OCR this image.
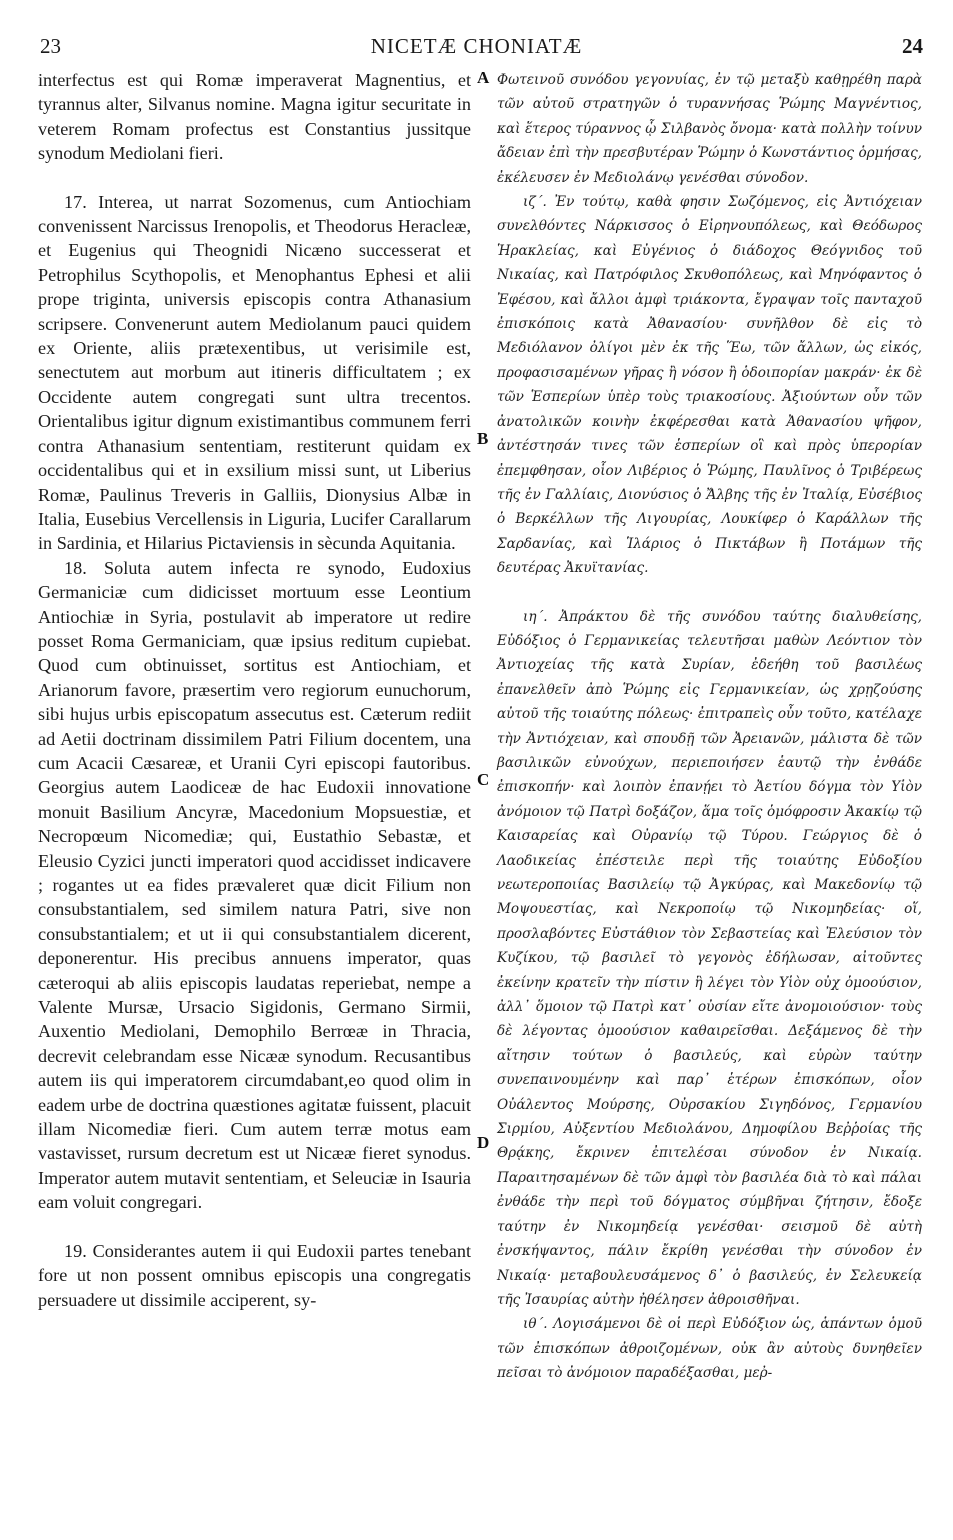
NICETÆ CHONIATÆ
23	24

interfectus est qui Romæ imperaverat Magnentius, et tyrannus alter, Silvanus nomine. Magna igitur securitate in veterem Romam profectus est Constantius jussitque synodum Mediolani fieri.

17. Interea, ut narrat Sozomenus, cum Antiochiam convenissent Narcissus Irenopolis, et Theodorus Heracleæ, et Eugenius qui Theognidi Nicæno successerat et Petrophilus Scythopolis, et Menophantus Ephesi et alii prope triginta, universis episcopis contra Athanasium scripsere. Convenerunt autem Mediolanum pauci quidem ex Oriente, aliis prætexentibus, ut verisimile est, senectutem aut morbum aut itineris difficultatem ; ex Occidente autem congregati sunt ultra trecentos. Orientalibus igitur dignum existimantibus communem ferri contra Athanasium sententiam, restiterunt quidam ex occidentalibus qui et in exsilium missi sunt, ut Liberius Romæ, Paulinus Treveris in Galliis, Dionysius Albæ in Italia, Eusebius Vercellensis in Liguria, Lucifer Carallarum in Sardinia, et Hilarius Pictaviensis in sècunda Aquitania.

18. Soluta autem infecta re synodo, Eudoxius Germaniciæ cum didicisset mortuum esse Leontium Antiochiæ in Syria, postulavit ab imperatore ut redire posset Roma Germaniciam, quæ ipsius reditum cupiebat. Quod cum obtinuisset, sortitus est Antiochiam, et Arianorum favore, præsertim vero regiorum eunuchorum, sibi hujus urbis episcopatum assecutus est. Cæterum rediit ad Aetii doctrinam dissimilem Patri Filium docentem, una cum Acacii Cæsareæ, et Uranii Cyri episcopi fautoribus. Georgius autem Laodiceæ de hac Eudoxii innovatione monuit Basilium Ancyræ, Macedonium Mopsuestiæ, et Necropœum Nicomediæ; qui, Eustathio Sebastæ, et Eleusio Cyzici juncti imperatori quod accidisset indicavere ; rogantes ut ea fides prævaleret quæ dicit Filium non consubstantialem, sed similem natura Patri, sive non consubstantialem; et ut ii qui consubstantialem dicerent, deponerentur. His precibus annuens imperator, quas cæteroqui ab aliis episcopis laudatas reperiebat, nempe a Valente Mursæ, Ursacio Sigidonis, Germano Sirmii, Auxentio Mediolani, Demophilo Berrœæ in Thracia, decrevit celebrandam esse Nicææ synodum. Recusantibus autem iis qui imperatorem circumdabant,eo quod olim in eadem urbe de doctrina quæstiones agitatæ fuissent, placuit illam Nicomediæ fieri. Cum autem terræ motus eam vastavisset, rursum decretum est ut Nicææ fieret synodus. Imperator autem mutavit sententiam, et Seleuciæ in Isauria eam voluit congregari.

19. Considerantes autem ii qui Eudoxii partes tenebant fore ut non possent omnibus episcopis una congregatis persuadere ut dissimile acciperent, sy-

A
B
C
D

Φωτεινοῦ συνόδου γεγονυίας, ἐν τῷ μεταξὺ καθῃρέθη παρὰ τῶν αὐτοῦ στρατηγῶν ὁ τυραννήσας Ῥώμης Μαγνέντιος, καὶ ἕτερος τύραννος ᾧ Σιλβανὸς ὄνομα· κατὰ πολλὴν τοίνυν ἄδειαν ἐπὶ τὴν πρεσβυτέραν Ῥώμην ὁ Κωνστάντιος ὁρμήσας, ἐκέλευσεν ἐν Μεδιολάνῳ γενέσθαι σύνοδον.

ιζ΄. Ἐν τούτῳ, καθὰ φησιν Σωζόμενος, εἰς Ἀντιόχειαν συνελθόντες Νάρκισσος ὁ Εἰρηνουπόλεως, καὶ Θεόδωρος Ἡρακλείας, καὶ Εὐγένιος ὁ διάδοχος Θεόγνιδος τοῦ Νικαίας, καὶ Πατρόφιλος Σκυθοπόλεως, καὶ Μηνόφαντος ὁ Ἐφέσου, καὶ ἄλλοι ἀμφὶ τριάκοντα, ἔγραψαν τοῖς πανταχοῦ ἐπισκόποις κατὰ Ἀθανασίου· συνῆλθον δὲ εἰς τὸ Μεδιόλανον ὀλίγοι μὲν ἐκ τῆς Ἕω, τῶν ἄλλων, ὡς εἰκός, προφασισαμένων γῆρας ἢ νόσον ἢ ὁδοιπορίαν μακράν· ἐκ δὲ τῶν Ἑσπερίων ὑπὲρ τοὺς τριακοσίους. Ἀξιούντων οὖν τῶν ἀνατολικῶν κοινὴν ἐκφέρεσθαι κατὰ Ἀθανασίου ψῆφον, ἀντέστησάν τινες τῶν ἑσπερίων οἳ καὶ πρὸς ὑπερορίαν ἐπεμφθησαν, οἷον Λιβέριος ὁ Ῥώμης, Παυλῖνος ὁ Τριβέρεως τῆς ἐν Γαλλίαις, Διονύσιος ὁ Ἄλβης τῆς ἐν Ἰταλίᾳ, Εὐσέβιος ὁ Βερκέλλων τῆς Λιγουρίας, Λουκίφερ ὁ Καράλλων τῆς Σαρδανίας, καὶ Ἱλάριος ὁ Πικτάβων ἢ Ποτάμων τῆς δευτέρας Ἀκυϊτανίας.

ιη΄. Ἀπράκτου δὲ τῆς συνόδου ταύτης διαλυθείσης, Εὐδόξιος ὁ Γερμανικείας τελευτῆσαι μαθὼν Λεόντιον τὸν Ἀντιοχείας τῆς κατὰ Συρίαν, ἐδεήθη τοῦ βασιλέως ἐπανελθεῖν ἀπὸ Ῥώμης εἰς Γερμανικείαν, ὡς χρῃζούσης αὐτοῦ τῆς τοιαύτης πόλεως· ἐπιτραπεὶς οὖν τοῦτο, κατέλαχε τὴν Ἀντιόχειαν, καὶ σπουδῇ τῶν Ἀρειανῶν, μάλιστα δὲ τῶν βασιλικῶν εὐνούχων, περιεποιήσεν ἑαυτῷ τὴν ἐνθάδε ἐπισκοπήν· καὶ λοιπὸν ἐπανῄει τὸ Ἀετίου δόγμα τὸν Υἱὸν ἀνόμοιον τῷ Πατρὶ δοξάζον, ἅμα τοῖς ὁμόφροσιν Ἀκακίῳ τῷ Καισαρείας καὶ Οὐρανίῳ τῷ Τύρου. Γεώργιος δὲ ὁ Λαοδικείας ἐπέστειλε περὶ τῆς τοιαύτης Εὐδοξίου νεωτεροποιίας Βασιλείῳ τῷ Ἀγκύρας, καὶ Μακεδονίῳ τῷ Μοψουεστίας, καὶ Νεκροποίῳ τῷ Νικομηδείας· οἵ, προσλαβόντες Εὐστάθιον τὸν Σεβαστείας καὶ Ἐλεύσιον τὸν Κυζίκου, τῷ βασιλεῖ τὸ γεγονὸς ἐδήλωσαν, αἰτοῦντες ἐκείνην κρατεῖν τὴν πίστιν ἣ λέγει τὸν Υἱὸν οὐχ ὁμοούσιον, ἀλλ᾽ ὅμοιον τῷ Πατρὶ κατ᾽ οὐσίαν εἴτε ἀνομοιούσιον· τοὺς δὲ λέγοντας ὁμοούσιον καθαιρεῖσθαι. Δεξάμενος δὲ τὴν αἴτησιν τούτων ὁ βασιλεύς, καὶ εὑρὼν ταύτην συνεπαινουμένην καὶ παρ᾽ ἑτέρων ἐπισκόπων, οἷον Οὐάλεντος Μούρσης, Οὐρσακίου Σιγηδόνος, Γερμανίου Σιρμίου, Αὐξεντίου Μεδιολάνου, Δημοφίλου Βεῤῥοίας τῆς Θρᾴκης, ἔκρινεν ἐπιτελέσαι σύνοδον ἐν Νικαίᾳ. Παραιτησαμένων δὲ τῶν ἀμφὶ τὸν βασιλέα διὰ τὸ καὶ πάλαι ἐνθάδε τὴν περὶ τοῦ δόγματος σύμβῆναι ζήτησιν, ἔδοξε ταύτην ἐν Νικομηδείᾳ γενέσθαι· σεισμοῦ δὲ αὐτὴ ἐνσκήψαντος, πάλιν ἔκρίθη γενέσθαι τὴν σύνοδον ἐν Νικαίᾳ· μεταβουλευσάμενος δ᾽ ὁ βασιλεύς, ἐν Σελευκείᾳ τῆς Ἰσαυρίας αὐτὴν ἠθέλησεν ἀθροισθῆναι.

ιθ΄. Λογισάμενοι δὲ οἱ περὶ Εὐδόξιον ὡς, ἁπάντων ὁμοῦ τῶν ἐπισκόπων ἀθροιζομένων, οὐκ ἂν αὐτοὺς δυνηθεῖεν πεῖσαι τὸ ἀνόμοιον παραδέξασθαι, μεῤ-
